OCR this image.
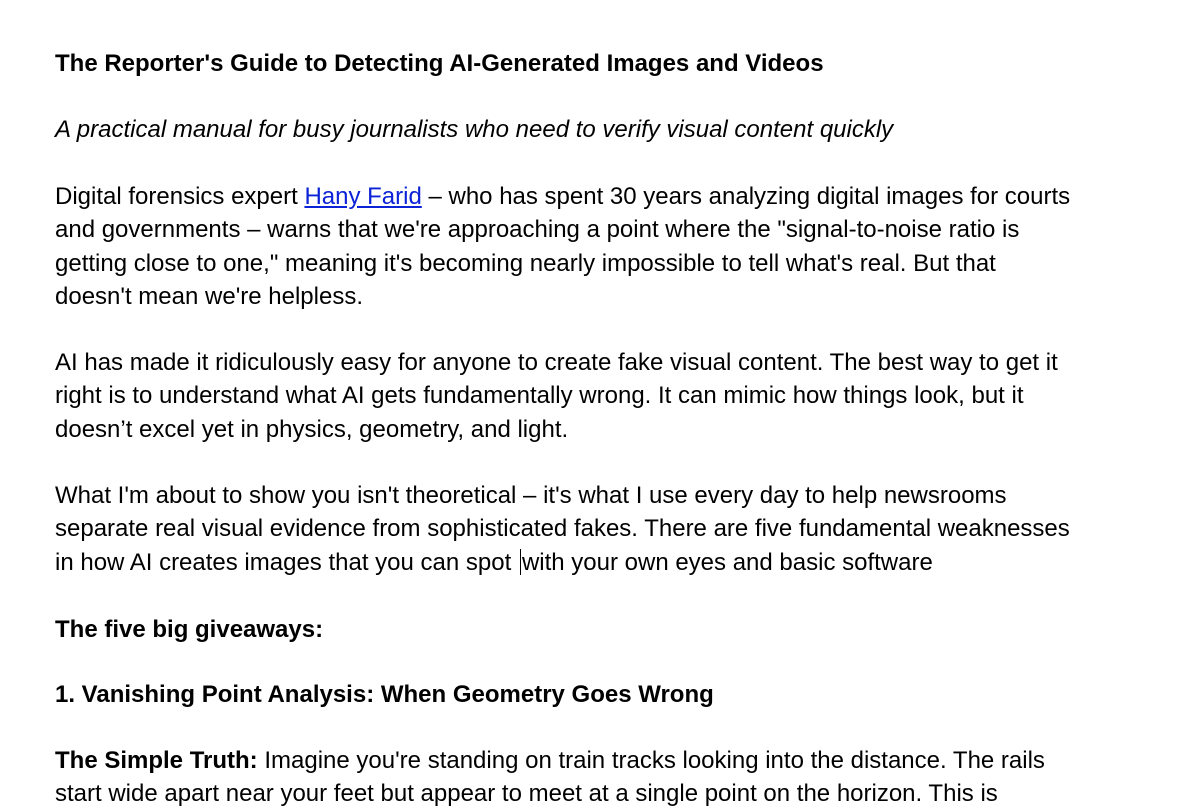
The Reporter's Guide to Detecting AI-Generated Images and Videos
A practical manual for busy journalists who need to verify visual content quickly
Digital forensics expert Hany Farid – who has spent 30 years analyzing digital images for courts
and governments – warns that we're approaching a point where the "signal-to-noise ratio is
getting close to one," meaning it's becoming nearly impossible to tell what's real. But that
doesn't mean we're helpless.
AI has made it ridiculously easy for anyone to create fake visual content. The best way to get it
right is to understand what AI gets fundamentally wrong. It can mimic how things look, but it
doesn’t excel yet in physics, geometry, and light.
What I'm about to show you isn't theoretical – it's what I use every day to help newsrooms
separate real visual evidence from sophisticated fakes. There are five fundamental weaknesses
in how AI creates images that you can spot with your own eyes and basic software
The five big giveaways:
1. Vanishing Point Analysis: When Geometry Goes Wrong
The Simple Truth: Imagine you're standing on train tracks looking into the distance. The rails
start wide apart near your feet but appear to meet at a single point on the horizon. This is
